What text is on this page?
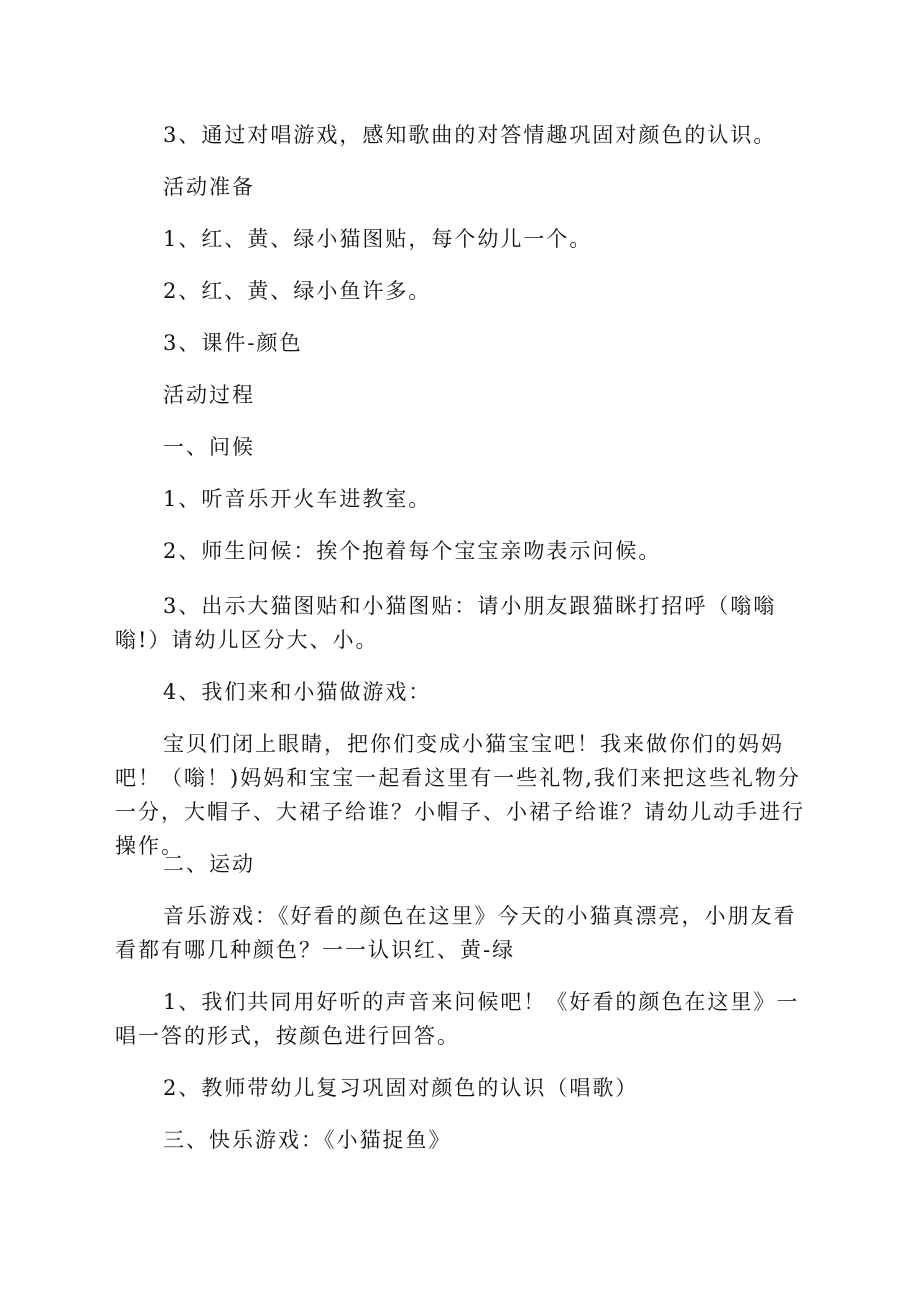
3、通过对唱游戏，感知歌曲的对答情趣巩固对颜色的认识。

活动准备

1、红、黄、绿小猫图贴，每个幼儿一个。

2、红、黄、绿小鱼许多。

3、课件-颜色

活动过程

一、问候

1、听音乐开火车进教室。

2、师生问候：挨个抱着每个宝宝亲吻表示问候。

3、出示大猫图贴和小猫图贴：请小朋友跟猫眯打招呼（嗡嗡嗡!）请幼儿区分大、小。

4、我们来和小猫做游戏：

宝贝们闭上眼睛，把你们变成小猫宝宝吧！我来做你们的妈妈吧！（嗡！)妈妈和宝宝一起看这里有一些礼物,我们来把这些礼物分一分，大帽子、大裙子给谁？小帽子、小裙子给谁？请幼儿动手进行操作。

二、运动

音乐游戏：《好看的颜色在这里》今天的小猫真漂亮，小朋友看看都有哪几种颜色？一一认识红、黄-绿

1、我们共同用好听的声音来问候吧！《好看的颜色在这里》一唱一答的形式，按颜色进行回答。

2、教师带幼儿复习巩固对颜色的认识（唱歌）

三、快乐游戏：《小猫捉鱼》
